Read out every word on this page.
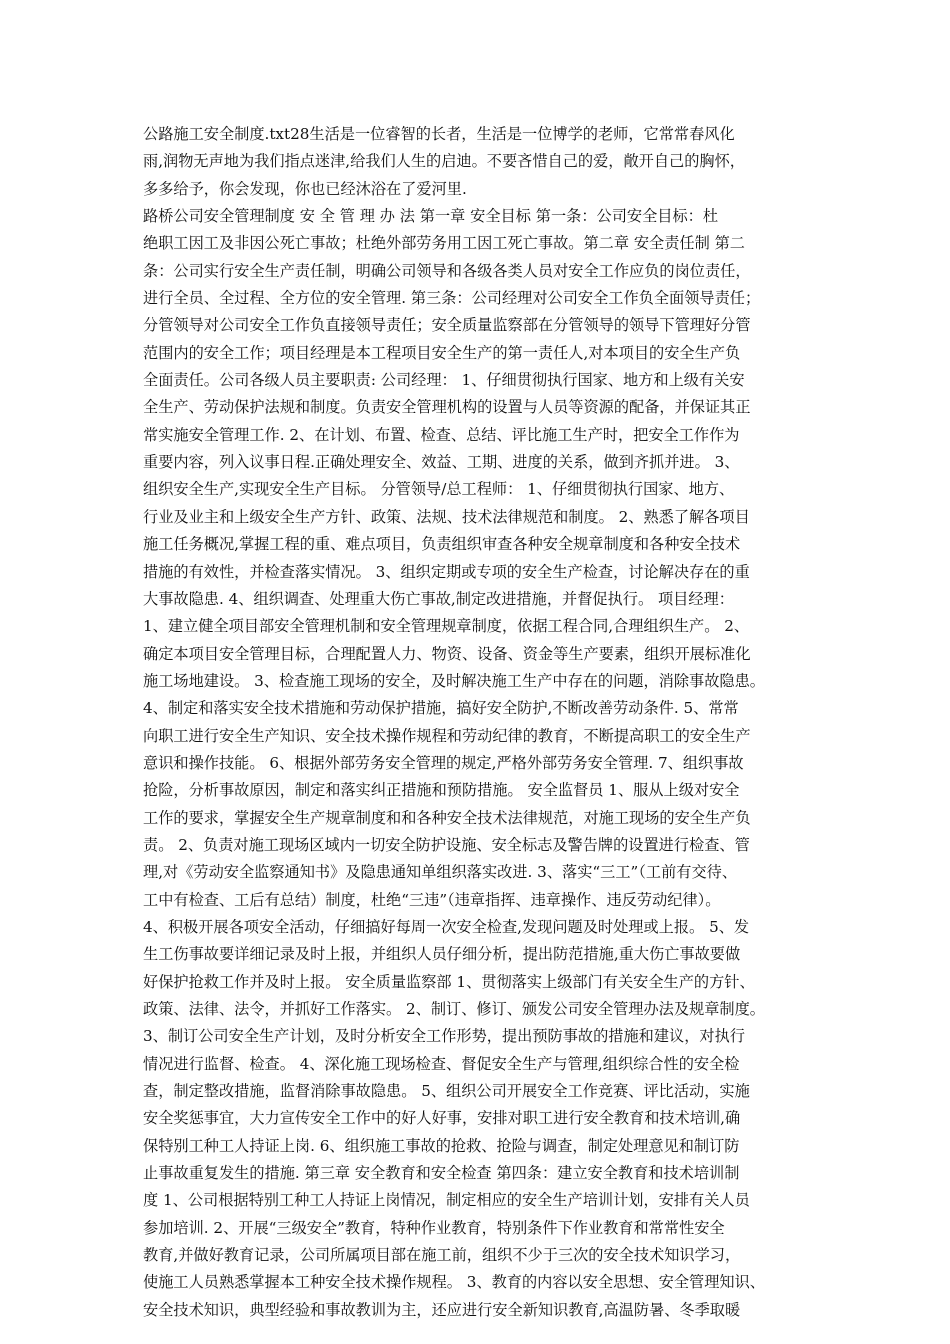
公路施工安全制度.txt28生活是一位睿智的长者，生活是一位博学的老师，它常常春风化
雨,润物无声地为我们指点迷津,给我们人生的启迪。不要吝惜自己的爱，敞开自己的胸怀，
多多给予，你会发现，你也已经沐浴在了爱河里.
路桥公司安全管理制度 安 全 管 理 办 法 第一章 安全目标 第一条：公司安全目标：杜
绝职工因工及非因公死亡事故；杜绝外部劳务用工因工死亡事故。第二章 安全责任制 第二
条：公司实行安全生产责任制，明确公司领导和各级各类人员对安全工作应负的岗位责任，
进行全员、全过程、全方位的安全管理. 第三条：公司经理对公司安全工作负全面领导责任；
分管领导对公司安全工作负直接领导责任；安全质量监察部在分管领导的领导下管理好分管
范围内的安全工作；项目经理是本工程项目安全生产的第一责任人,对本项目的安全生产负
全面责任。公司各级人员主要职责: 公司经理： 1、仔细贯彻执行国家、地方和上级有关安
全生产、劳动保护法规和制度。负责安全管理机构的设置与人员等资源的配备，并保证其正
常实施安全管理工作. 2、在计划、布置、检查、总结、评比施工生产时，把安全工作作为
重要内容，列入议事日程.正确处理安全、效益、工期、进度的关系，做到齐抓并进。 3、
组织安全生产,实现安全生产目标。 分管领导/总工程师： 1、仔细贯彻执行国家、地方、
行业及业主和上级安全生产方针、政策、法规、技术法律规范和制度。 2、熟悉了解各项目
施工任务概况,掌握工程的重、难点项目，负责组织审查各种安全规章制度和各种安全技术
措施的有效性，并检查落实情况。 3、组织定期或专项的安全生产检查，讨论解决存在的重
大事故隐患. 4、组织调查、处理重大伤亡事故,制定改进措施，并督促执行。 项目经理：
1、建立健全项目部安全管理机制和安全管理规章制度，依据工程合同,合理组织生产。 2、
确定本项目安全管理目标，合理配置人力、物资、设备、资金等生产要素，组织开展标准化
施工场地建设。 3、检查施工现场的安全，及时解决施工生产中存在的问题，消除事故隐患。
4、制定和落实安全技术措施和劳动保护措施，搞好安全防护,不断改善劳动条件. 5、常常
向职工进行安全生产知识、安全技术操作规程和劳动纪律的教育，不断提高职工的安全生产
意识和操作技能。 6、根据外部劳务安全管理的规定,严格外部劳务安全管理. 7、组织事故
抢险，分析事故原因，制定和落实纠正措施和预防措施。 安全监督员 1、服从上级对安全
工作的要求，掌握安全生产规章制度和和各种安全技术法律规范，对施工现场的安全生产负
责。 2、负责对施工现场区域内一切安全防护设施、安全标志及警告牌的设置进行检查、管
理,对《劳动安全监察通知书》及隐患通知单组织落实改进. 3、落实“三工”（工前有交待、
工中有检查、工后有总结）制度，杜绝“三违”（违章指挥、违章操作、违反劳动纪律）。
4、积极开展各项安全活动，仔细搞好每周一次安全检查,发现问题及时处理或上报。 5、发
生工伤事故要详细记录及时上报，并组织人员仔细分析，提出防范措施,重大伤亡事故要做
好保护抢救工作并及时上报。 安全质量监察部 1、贯彻落实上级部门有关安全生产的方针、
政策、法律、法令，并抓好工作落实。 2、制订、修订、颁发公司安全管理办法及规章制度。
3、制订公司安全生产计划，及时分析安全工作形势，提出预防事故的措施和建议，对执行
情况进行监督、检查。 4、深化施工现场检查、督促安全生产与管理,组织综合性的安全检
查，制定整改措施，监督消除事故隐患。 5、组织公司开展安全工作竞赛、评比活动，实施
安全奖惩事宜，大力宣传安全工作中的好人好事，安排对职工进行安全教育和技术培训,确
保特别工种工人持证上岗. 6、组织施工事故的抢救、抢险与调查，制定处理意见和制订防
止事故重复发生的措施. 第三章 安全教育和安全检查 第四条：建立安全教育和技术培训制
度 1、公司根据特别工种工人持证上岗情况，制定相应的安全生产培训计划，安排有关人员
参加培训. 2、开展“三级安全”教育，特种作业教育，特别条件下作业教育和常常性安全
教育,并做好教育记录，公司所属项目部在施工前，组织不少于三次的安全技术知识学习，
使施工人员熟悉掌握本工种安全技术操作规程。 3、教育的内容以安全思想、安全管理知识、
安全技术知识，典型经验和事故教训为主，还应进行安全新知识教育,高温防暑、冬季取暖
